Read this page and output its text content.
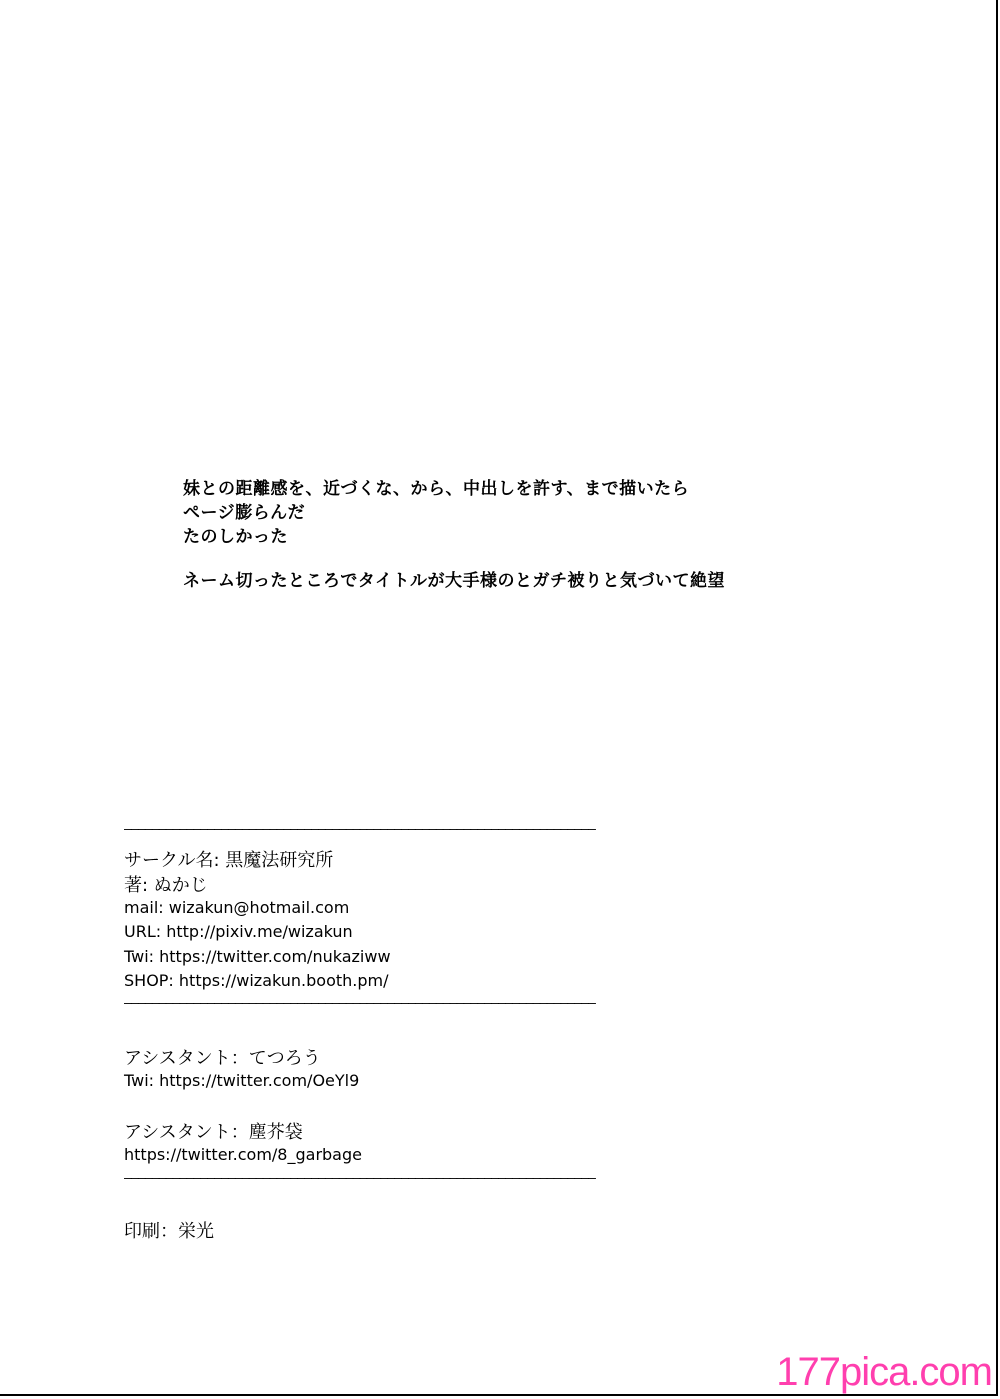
妹との距離感を、近づくな、から、中出しを許す、まで描いたら
ページ膨らんだ
たのしかった
ネーム切ったところでタイトルが大手様のとガチ被りと気づいて絶望
————————————————————————————————————————————————————————————————————
サークル名: 黒魔法研究所
著: ぬかじ
mail: wizakun@hotmail.com
URL: http://pixiv.me/wizakun
Twi: https://twitter.com/nukaziww
SHOP: https://wizakun.booth.pm/
————————————————————————————————————————————————————————————————————
アシスタント：てつろう
Twi: https://twitter.com/OeYl9
アシスタント：塵芥袋
https://twitter.com/8_garbage
————————————————————————————————————————————————————————————————————
印刷：栄光
177pica.com
